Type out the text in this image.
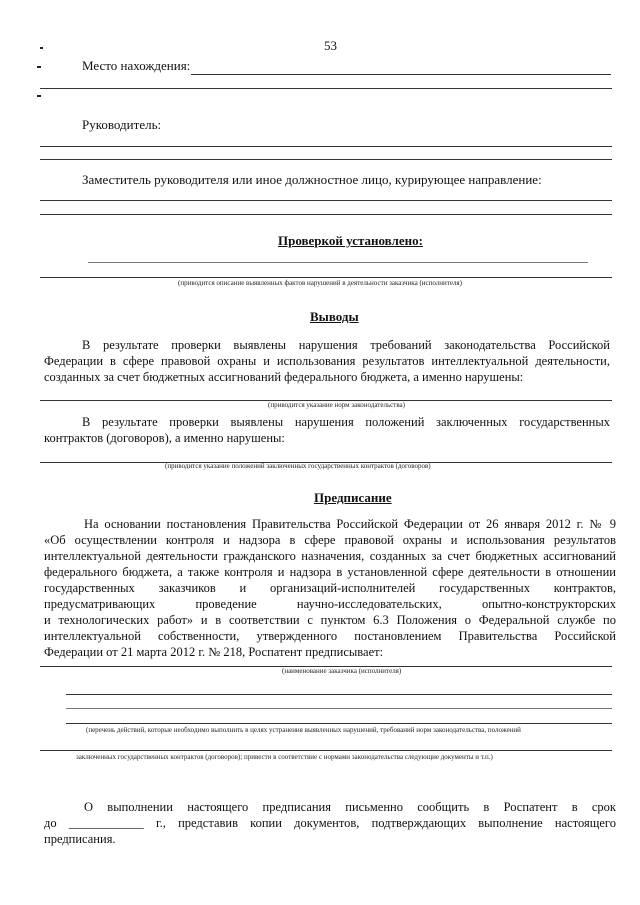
53
Место нахождения:
Руководитель:
Заместитель руководителя или иное должностное лицо, курирующее направление:
Проверкой установлено:
(приводится описание выявленных фактов нарушений в деятельности заказчика (исполнителя)
Выводы
В результате проверки выявлены нарушения требований законодательства Российской
Федерации в сфере правовой охраны и использования результатов интеллектуальной деятельности,
созданных за счет бюджетных ассигнований федерального бюджета, а именно нарушены:
(приводится указание норм законодательства)
В результате проверки выявлены нарушения положений заключенных государственных
контрактов (договоров), а именно нарушены:
(приводится указание положений заключенных государственных контрактов (договоров)
Предписание
На основании постановления Правительства Российской Федерации от 26 января 2012 г. № 9
«Об осуществлении контроля и надзора в сфере правовой охраны и использования результатов
интеллектуальной деятельности гражданского назначения, созданных за счет бюджетных ассигнований
федерального бюджета, а также контроля и надзора в установленной сфере деятельности в отношении
государственных заказчиков и организаций-исполнителей государственных контрактов,
предусматривающих проведение научно-исследовательских, опытно-конструкторских
и технологических работ» и в соответствии с пунктом 6.3 Положения о Федеральной службе по
интеллектуальной собственности, утвержденного постановлением Правительства Российской
Федерации от 21 марта 2012 г. № 218, Роспатент предписывает:
(наименование заказчика (исполнителя)
(перечень действий, которые необходимо выполнить в целях устранения выявленных нарушений, требований норм законодательства, положений
заключенных государственных контрактов (договоров); привести в соответствие с нормами законодательства следующие документы и т.п.)
О выполнении настоящего предписания письменно сообщить в Роспатент в срок
до ____________ г., представив копии документов, подтверждающих выполнение настоящего
предписания.
